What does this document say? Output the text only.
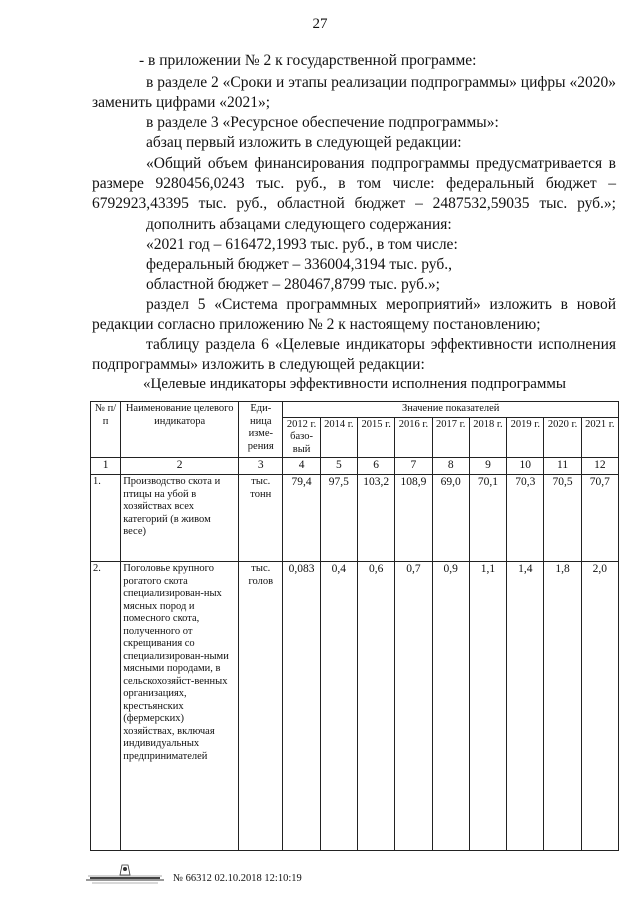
27
- в приложении № 2 к государственной программе:
в разделе 2 «Сроки и этапы реализации подпрограммы» цифры «2020»
заменить цифрами «2021»;
в разделе 3 «Ресурсное обеспечение подпрограммы»:
абзац первый изложить в следующей редакции:
«Общий объем финансирования подпрограммы предусматривается в
размере 9280456,0243 тыс. руб., в том числе: федеральный бюджет –
6792923,43395 тыс. руб., областной бюджет – 2487532,59035 тыс. руб.»;
дополнить абзацами следующего содержания:
«2021 год – 616472,1993 тыс. руб., в том числе:
федеральный бюджет – 336004,3194 тыс. руб.,
областной бюджет – 280467,8799 тыс. руб.»;
раздел 5 «Система программных мероприятий» изложить в новой
редакции согласно приложению № 2 к настоящему постановлению;
таблицу раздела 6 «Целевые индикаторы эффективности исполнения
подпрограммы» изложить в следующей редакции:
«Целевые индикаторы эффективности исполнения подпрограммы
№ п/п	Наименование целевого индикатора	Еди-ница изме-рения	Значение показателей								
			2012 г. базо-вый	2014 г.	2015 г.	2016 г.	2017 г.	2018 г.	2019 г.	2020 г.	2021 г.
1	2	3	4	5	6	7	8	9	10	11	12
1.	Производство скота и птицы на убой в хозяйствах всех категорий (в живом весе)	тыс. тонн	79,4	97,5	103,2	108,9	69,0	70,1	70,3	70,5	70,7
2.	Поголовье крупного рогатого скота специализирован-ных мясных пород и помесного скота, полученного от скрещивания со специализирован-ными мясными породами, в сельскохозяйст-венных организациях, крестьянских (фермерских) хозяйствах, включая индивидуальных предпринимателей	тыс. голов	0,083	0,4	0,6	0,7	0,9	1,1	1,4	1,8	2,0
№ 66312 02.10.2018 12:10:19
